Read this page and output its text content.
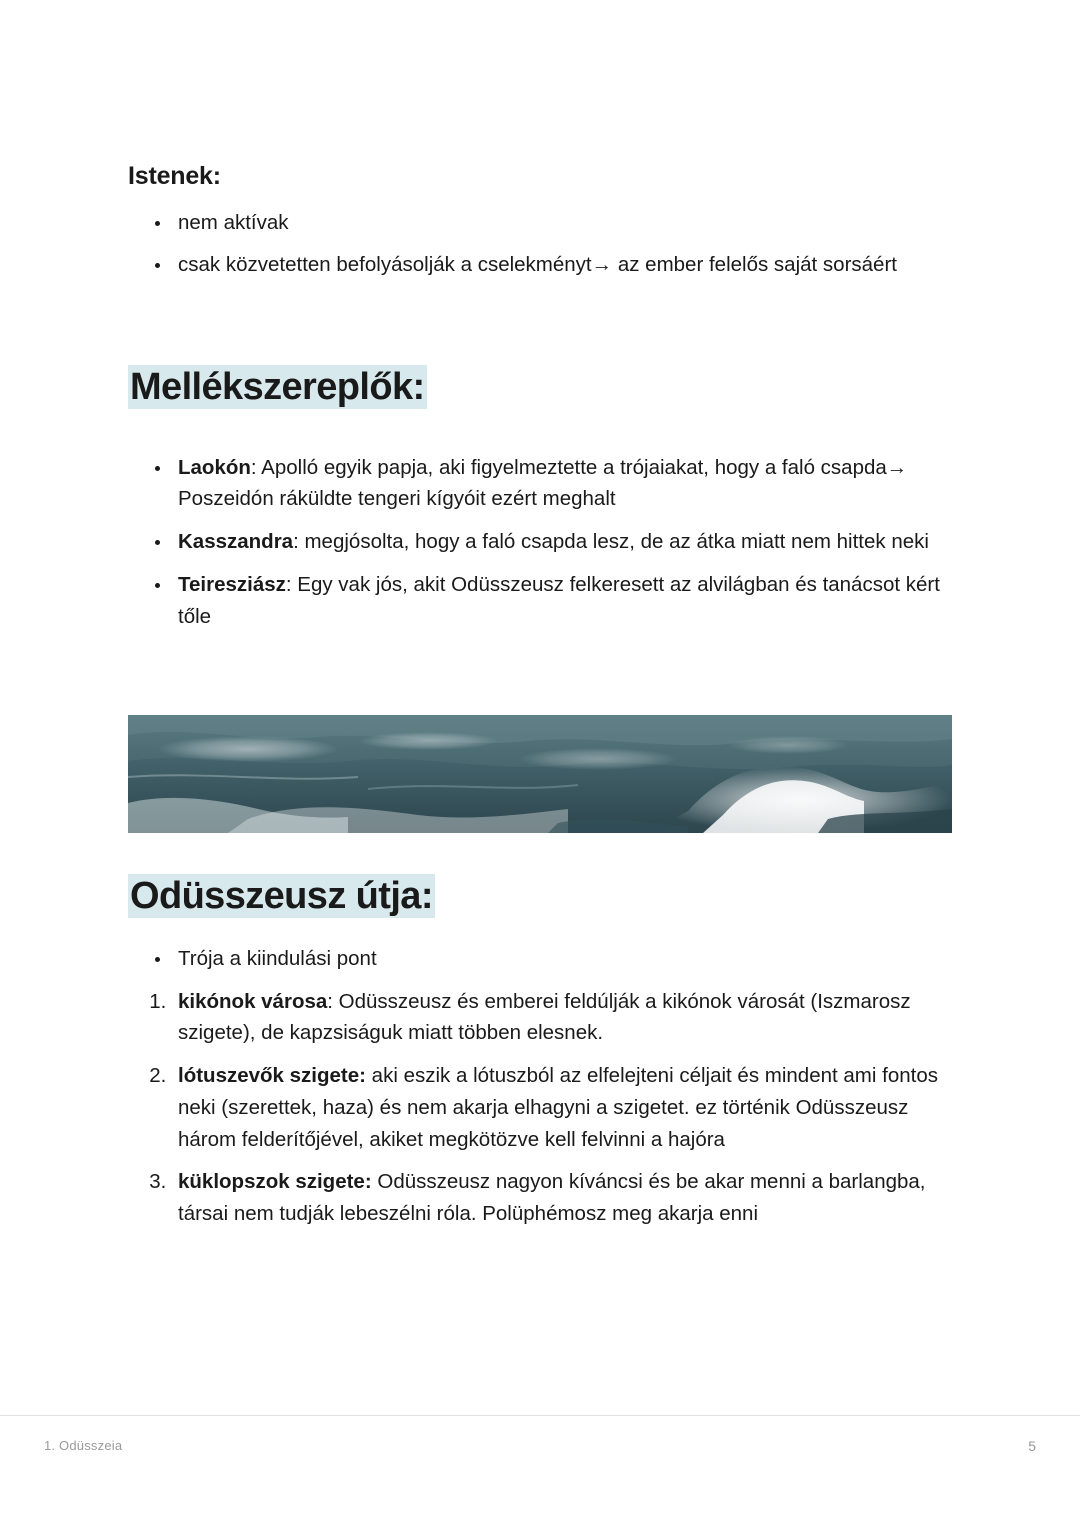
Istenek:
• nem aktívak
• csak közvetetten befolyásolják a cselekményt→ az ember felelős saját sorsáért
Mellékszereplők:
• Laokón: Apolló egyik papja, aki figyelmeztette a trójaiakat, hogy a faló csapda→ Poszeidón ráküldte tengeri kígyóit ezért meghalt
• Kasszandra: megjósolta, hogy a faló csapda lesz, de az átka miatt nem hittek neki
• Teiresziász: Egy vak jós, akit Odüsszeusz felkeresett az alvilágban és tanácsot kért tőle
Odüsszeusz útja:
• Trója a kiindulási pont
1. kikónok városa: Odüsszeusz és emberei feldúlják a kikónok városát (Iszmarosz szigete), de kapzsiságuk miatt többen elesnek.
2. lótuszevők szigete: aki eszik a lótuszból az elfelejteni céljait és mindent ami fontos neki (szerettek, haza) és nem akarja elhagyni a szigetet. ez történik Odüsszeusz három felderítőjével, akiket megkötözve kell felvinni a hajóra
3. küklopszok szigete: Odüsszeusz nagyon kíváncsi és be akar menni a barlangba, társai nem tudják lebeszélni róla. Polüphémosz meg akarja enni
1. Odüsszeia	5
